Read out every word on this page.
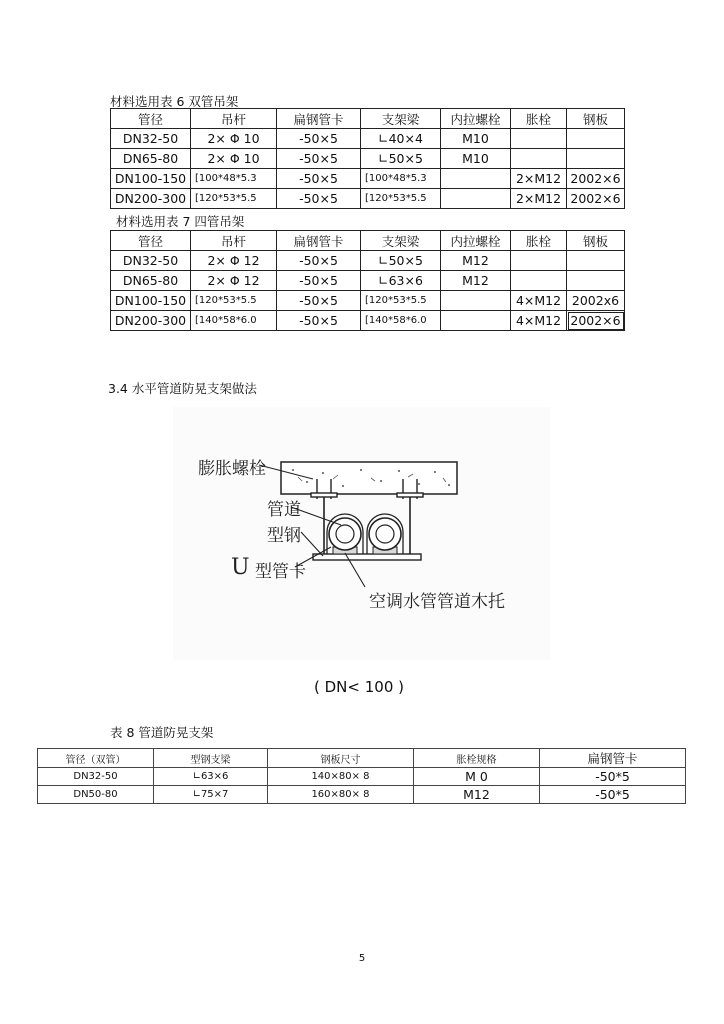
材料选用表 6 双管吊架
管径	吊杆	扁钢管卡	支架梁	内拉螺栓	胀栓	钢板
DN32-50	2× Φ 10	-50×5	∟40×4	M10		
DN65-80	2× Φ 10	-50×5	∟50×5	M10		
DN100-150	[100*48*5.3	-50×5	[100*48*5.3		2×M12	2002×6
DN200-300	[120*53*5.5	-50×5	[120*53*5.5		2×M12	2002×6
材料选用表 7 四管吊架
管径	吊杆	扁钢管卡	支架梁	内拉螺栓	胀栓	钢板
DN32-50	2× Φ 12	-50×5	∟50×5	M12		
DN65-80	2× Φ 12	-50×5	∟63×6	M12		
DN100-150	[120*53*5.5	-50×5	[120*53*5.5		4×M12	2002x6
DN200-300	[140*58*6.0	-50×5	[140*58*6.0		4×M12	2002×6
3.4 水平管道防晃支架做法
膨胀螺栓
管道
型钢
U 型管卡
空调水管管道木托
( DN< 100 )
表 8 管道防晃支架
管径（双管）	型钢支梁	钢板尺寸	胀栓规格	扁钢管卡
DN32-50	∟63×6	140×80× 8	M 0	-50*5
DN50-80	∟75×7	160×80× 8	M12	-50*5
5
